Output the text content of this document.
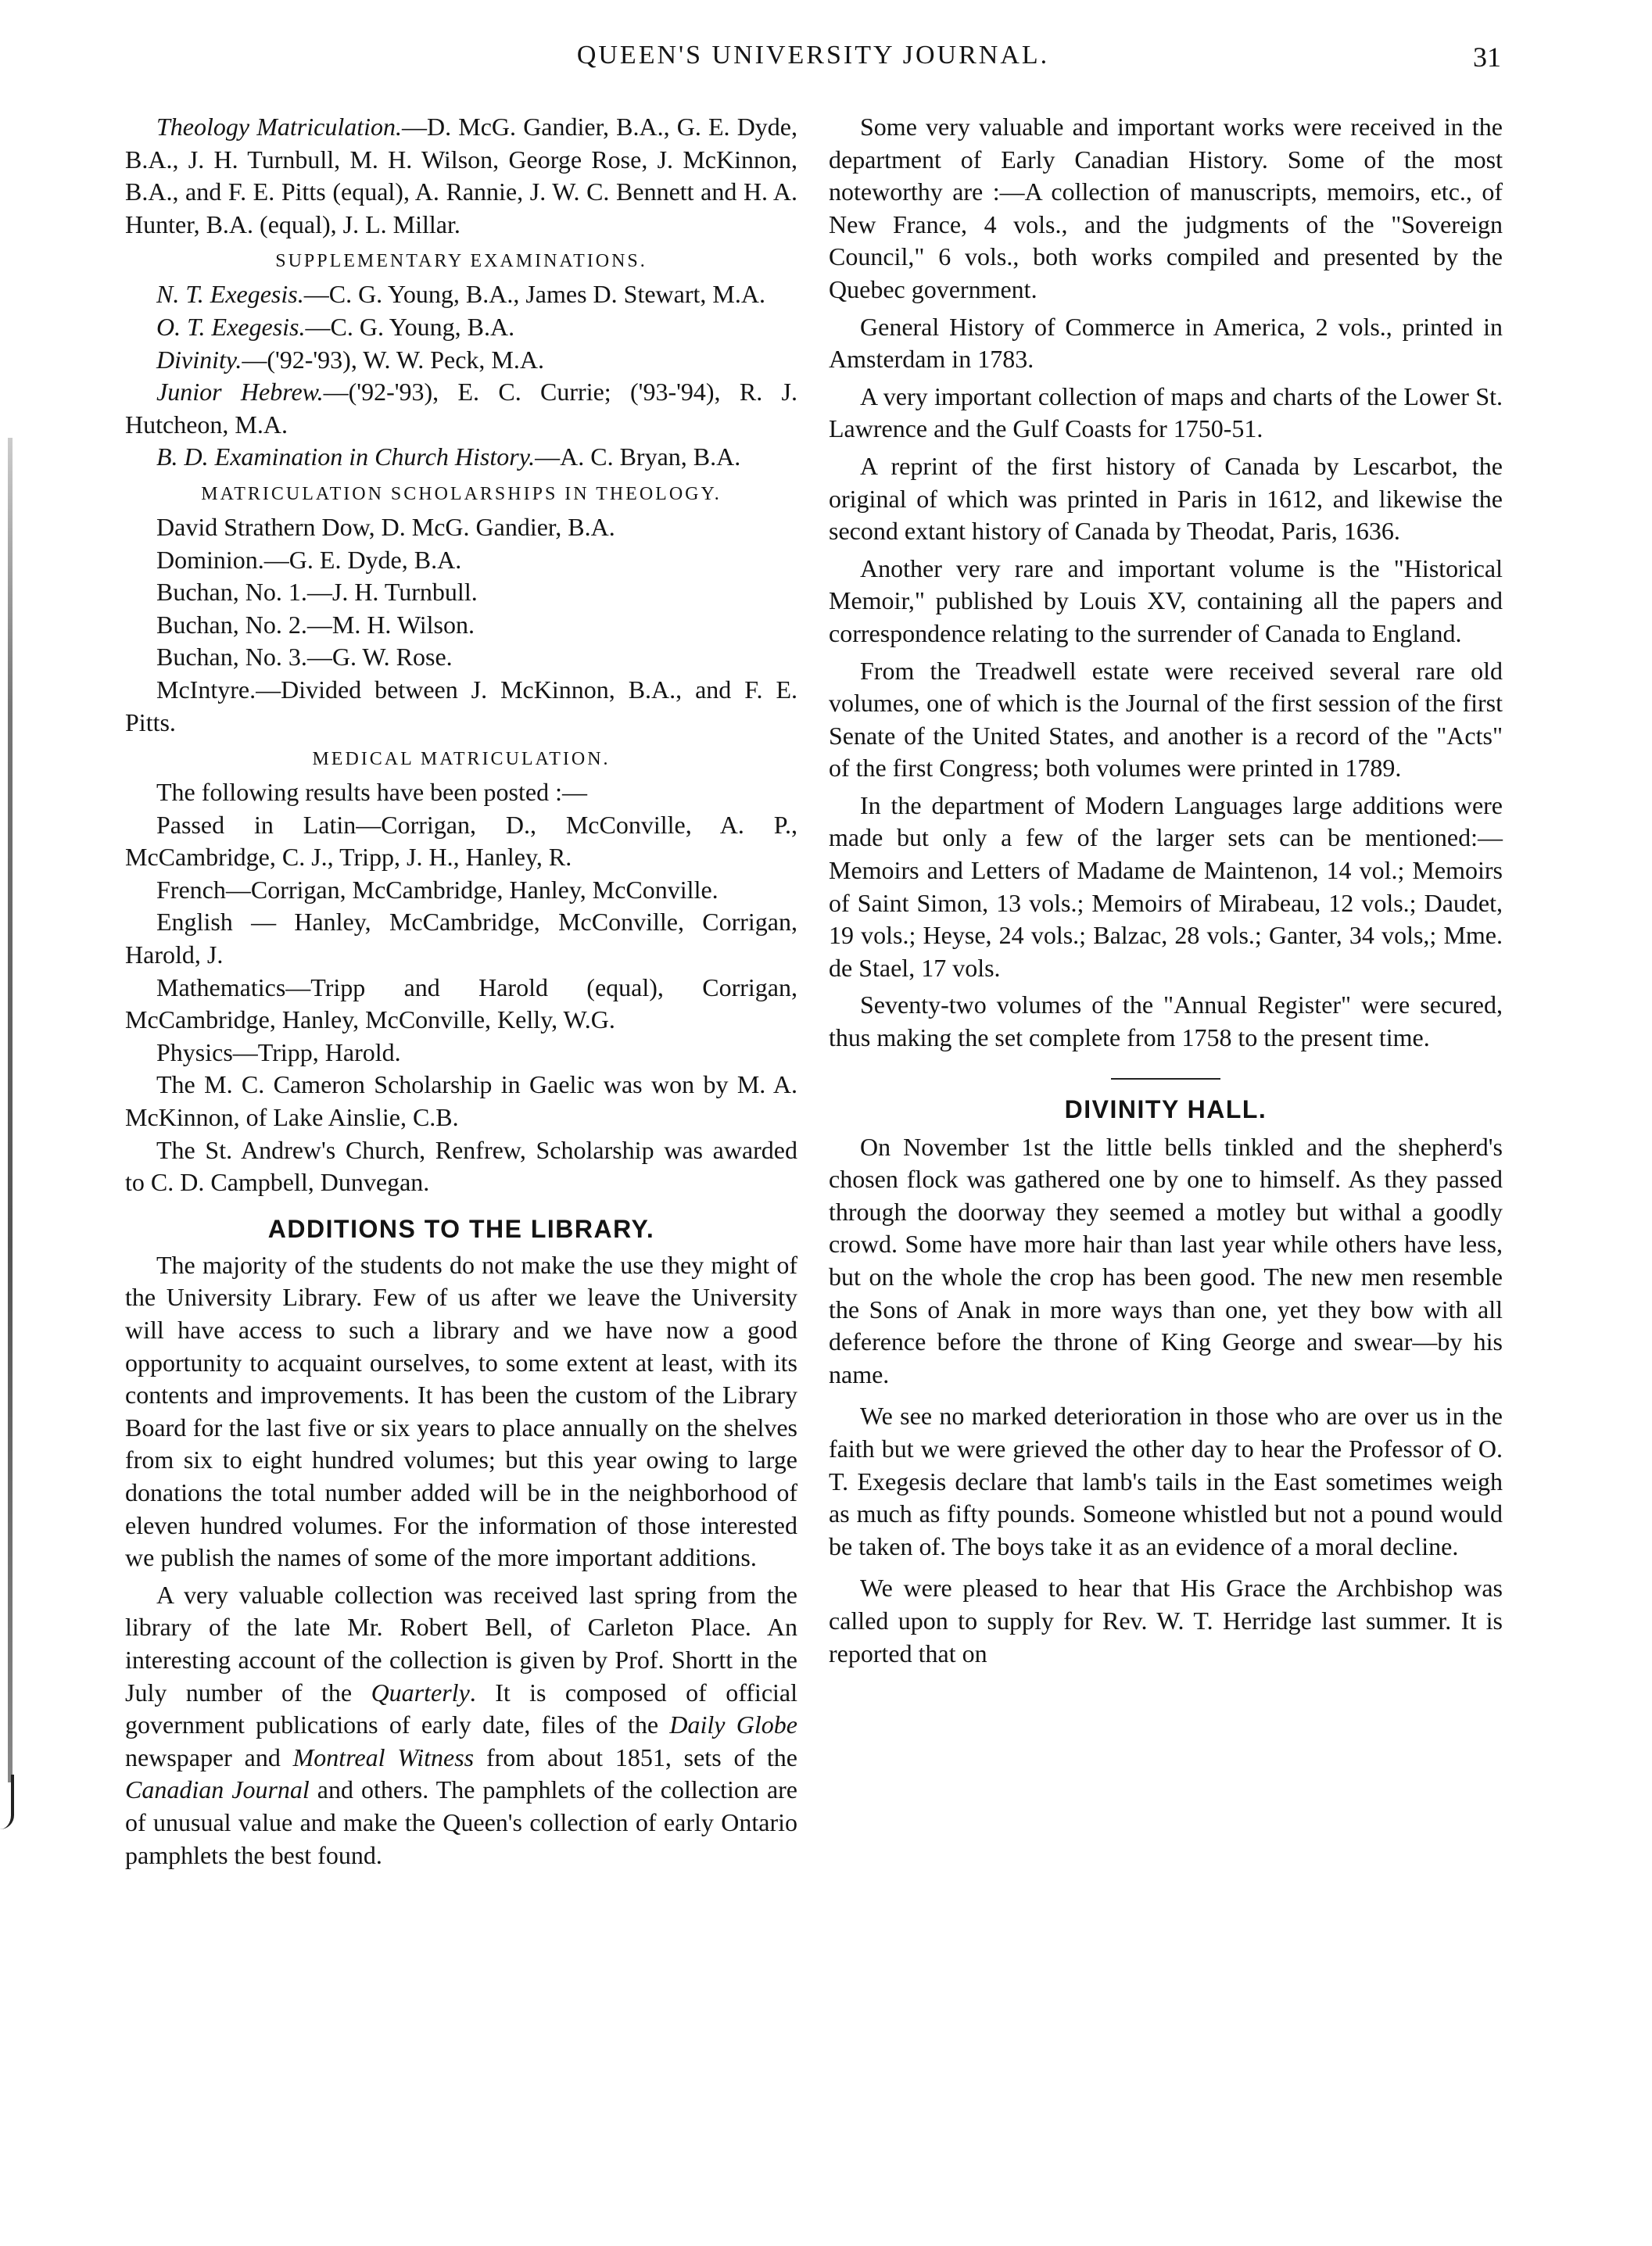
QUEEN'S UNIVERSITY JOURNAL.	31

Theology Matriculation.—D. McG. Gandier, B.A., G. E. Dyde, B.A., J. H. Turnbull, M. H. Wilson, George Rose, J. McKinnon, B.A., and F. E. Pitts (equal), A. Rannie, J. W. C. Bennett and H. A. Hunter, B.A. (equal), J. L. Millar.

SUPPLEMENTARY EXAMINATIONS.

N. T. Exegesis.—C. G. Young, B.A., James D. Stewart, M.A.

O. T. Exegesis.—C. G. Young, B.A.

Divinity.—('92-'93), W. W. Peck, M.A.

Junior Hebrew.—('92-'93), E. C. Currie; ('93-'94), R. J. Hutcheon, M.A.

B. D. Examination in Church History.—A. C. Bryan, B.A.

MATRICULATION SCHOLARSHIPS IN THEOLOGY.

David Strathern Dow, D. McG. Gandier, B.A.

Dominion.—G. E. Dyde, B.A.

Buchan, No. 1.—J. H. Turnbull.

Buchan, No. 2.—M. H. Wilson.

Buchan, No. 3.—G. W. Rose.

McIntyre.—Divided between J. McKinnon, B.A., and F. E. Pitts.

MEDICAL MATRICULATION.

The following results have been posted :—

Passed in Latin—Corrigan, D., McConville, A. P., McCambridge, C. J., Tripp, J. H., Hanley, R.

French—Corrigan, McCambridge, Hanley, McConville.

English — Hanley, McCambridge, McConville, Corrigan, Harold, J.

Mathematics—Tripp and Harold (equal), Corrigan, McCambridge, Hanley, McConville, Kelly, W.G.

Physics—Tripp, Harold.

The M. C. Cameron Scholarship in Gaelic was won by M. A. McKinnon, of Lake Ainslie, C.B.

The St. Andrew's Church, Renfrew, Scholarship was awarded to C. D. Campbell, Dunvegan.

ADDITIONS TO THE LIBRARY.

The majority of the students do not make the use they might of the University Library. Few of us after we leave the University will have access to such a library and we have now a good opportunity to acquaint ourselves, to some extent at least, with its contents and improvements. It has been the custom of the Library Board for the last five or six years to place annually on the shelves from six to eight hundred volumes; but this year owing to large donations the total number added will be in the neighborhood of eleven hundred volumes. For the information of those interested we publish the names of some of the more important additions.

A very valuable collection was received last spring from the library of the late Mr. Robert Bell, of Carleton Place. An interesting account of the collection is given by Prof. Shortt in the July number of the Quarterly. It is composed of official government publications of early date, files of the Daily Globe newspaper and Montreal Witness from about 1851, sets of the Canadian Journal and others. The pamphlets of the collection are of unusual value and make the Queen's collection of early Ontario pamphlets the best found.

Some very valuable and important works were received in the department of Early Canadian History. Some of the most noteworthy are :—A collection of manuscripts, memoirs, etc., of New France, 4 vols., and the judgments of the "Sovereign Council," 6 vols., both works compiled and presented by the Quebec government.

General History of Commerce in America, 2 vols., printed in Amsterdam in 1783.

A very important collection of maps and charts of the Lower St. Lawrence and the Gulf Coasts for 1750-51.

A reprint of the first history of Canada by Lescarbot, the original of which was printed in Paris in 1612, and likewise the second extant history of Canada by Theodat, Paris, 1636.

Another very rare and important volume is the "Historical Memoir," published by Louis XV, containing all the papers and correspondence relating to the surrender of Canada to England.

From the Treadwell estate were received several rare old volumes, one of which is the Journal of the first session of the first Senate of the United States, and another is a record of the "Acts" of the first Congress; both volumes were printed in 1789.

In the department of Modern Languages large additions were made but only a few of the larger sets can be mentioned:—Memoirs and Letters of Madame de Maintenon, 14 vol.; Memoirs of Saint Simon, 13 vols.; Memoirs of Mirabeau, 12 vols.; Daudet, 19 vols.; Heyse, 24 vols.; Balzac, 28 vols.; Ganter, 34 vols,; Mme. de Stael, 17 vols.

Seventy-two volumes of the "Annual Register" were secured, thus making the set complete from 1758 to the present time.

DIVINITY HALL.

On November 1st the little bells tinkled and the shepherd's chosen flock was gathered one by one to himself. As they passed through the doorway they seemed a motley but withal a goodly crowd. Some have more hair than last year while others have less, but on the whole the crop has been good. The new men resemble the Sons of Anak in more ways than one, yet they bow with all deference before the throne of King George and swear—by his name.

We see no marked deterioration in those who are over us in the faith but we were grieved the other day to hear the Professor of O. T. Exegesis declare that lamb's tails in the East sometimes weigh as much as fifty pounds. Someone whistled but not a pound would be taken of. The boys take it as an evidence of a moral decline.

We were pleased to hear that His Grace the Archbishop was called upon to supply for Rev. W. T. Herridge last summer. It is reported that on
